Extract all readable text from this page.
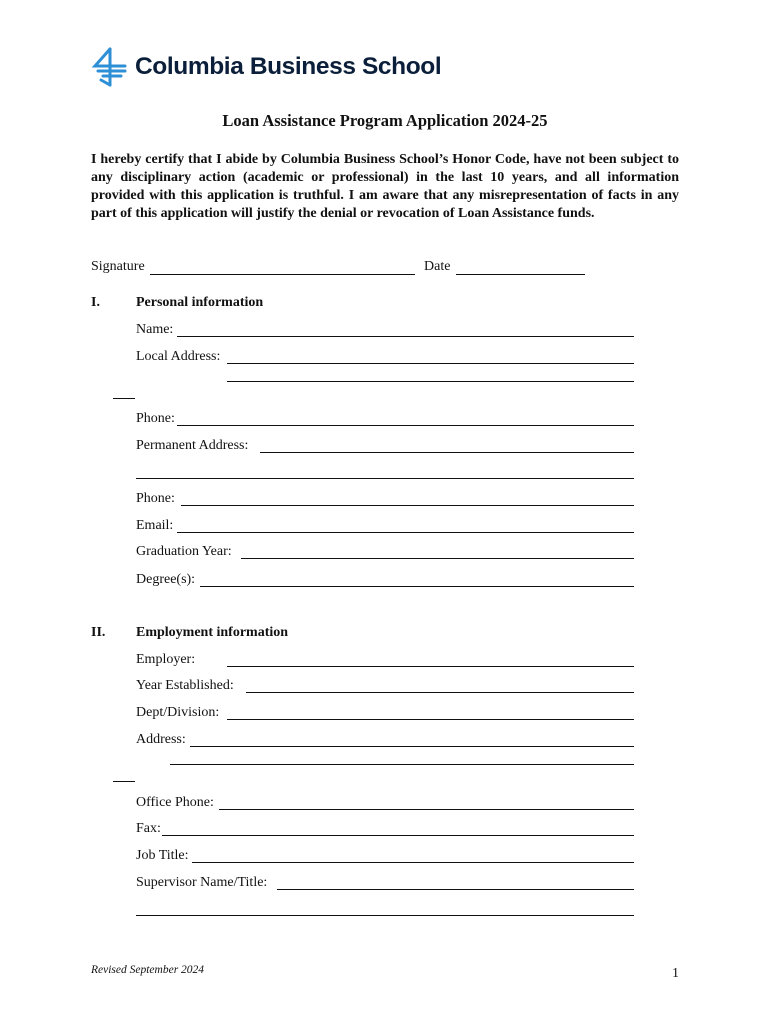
Columbia Business School
Loan Assistance Program Application 2024-25
I hereby certify that I abide by Columbia Business School’s Honor Code, have not been subject to any disciplinary action (academic or professional) in the last 10 years, and all information provided with this application is truthful. I am aware that any misrepresentation of facts in any part of this application will justify the denial or revocation of Loan Assistance funds.
Signature	Date
I.	Personal information
Name:
Local Address:
Phone:
Permanent Address:
Phone:
Email:
Graduation Year:
Degree(s):
II. Employment information
Employer:
Year Established:
Dept/Division:
Address:
Office Phone:
Fax:
Job Title:
Supervisor Name/Title:
Revised September 2024	1
